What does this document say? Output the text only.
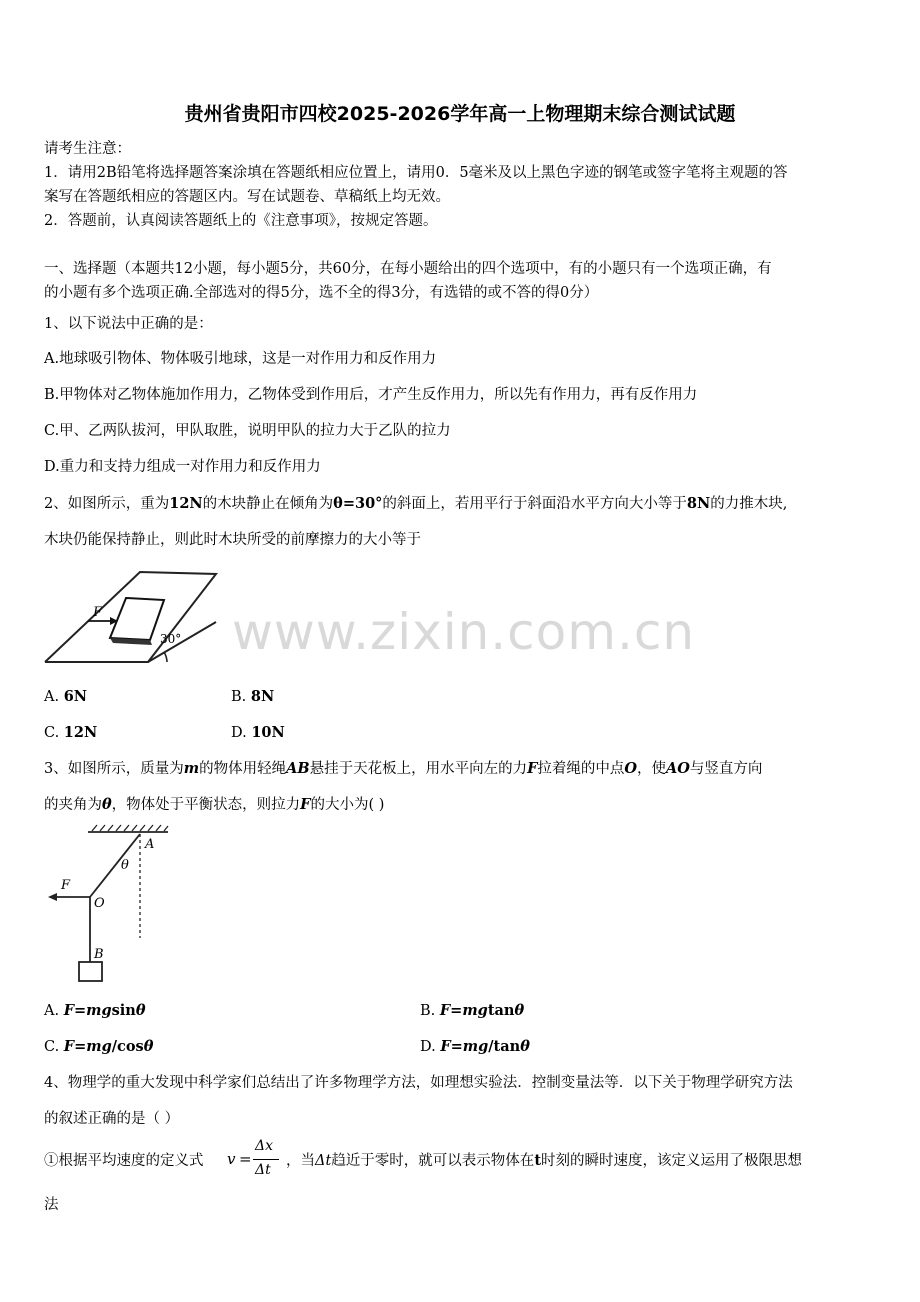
贵州省贵阳市四校2025-2026学年高一上物理期末综合测试试题
请考生注意：
1．请用2B铅笔将选择题答案涂填在答题纸相应位置上，请用0．5毫米及以上黑色字迹的钢笔或签字笔将主观题的答
案写在答题纸相应的答题区内。写在试题卷、草稿纸上均无效。
2．答题前，认真阅读答题纸上的《注意事项》，按规定答题。
一、选择题（本题共12小题，每小题5分，共60分，在每小题给出的四个选项中，有的小题只有一个选项正确，有
的小题有多个选项正确.全部选对的得5分，选不全的得3分，有选错的或不答的得0分）
1、以下说法中正确的是：
A.地球吸引物体、物体吸引地球，这是一对作用力和反作用力
B.甲物体对乙物体施加作用力，乙物体受到作用后，才产生反作用力，所以先有作用力，再有反作用力
C.甲、乙两队拔河，甲队取胜，说明甲队的拉力大于乙队的拉力
D.重力和支持力组成一对作用力和反作用力
2、如图所示，重为12N的木块静止在倾角为θ=30°的斜面上，若用平行于斜面沿水平方向大小等于8N的力推木块,
木块仍能保持静止，则此时木块所受的前摩擦力的大小等于
F
30° www.zixin.com.cn
A. 6N	B. 8N
C. 12N	D. 10N
3、如图所示，质量为m的物体用轻绳AB悬挂于天花板上，用水平向左的力F拉着绳的中点O，使AO与竖直方向
的夹角为θ，物体处于平衡状态，则拉力F的大小为( )
A
θ
F
O
B
A. F=mgsinθ	B. F=mgtanθ
C. F=mg/cosθ	D. F=mg/tanθ
4、物理学的重大发现中科学家们总结出了许多物理学方法，如理想实验法．控制变量法等．以下关于物理学研究方法
的叙述正确的是（ ）
①根据平均速度的定义式 v =
Δx
Δt
，当Δt趋近于零时，就可以表示物体在t时刻的瞬时速度，该定义运用了极限思想
法
